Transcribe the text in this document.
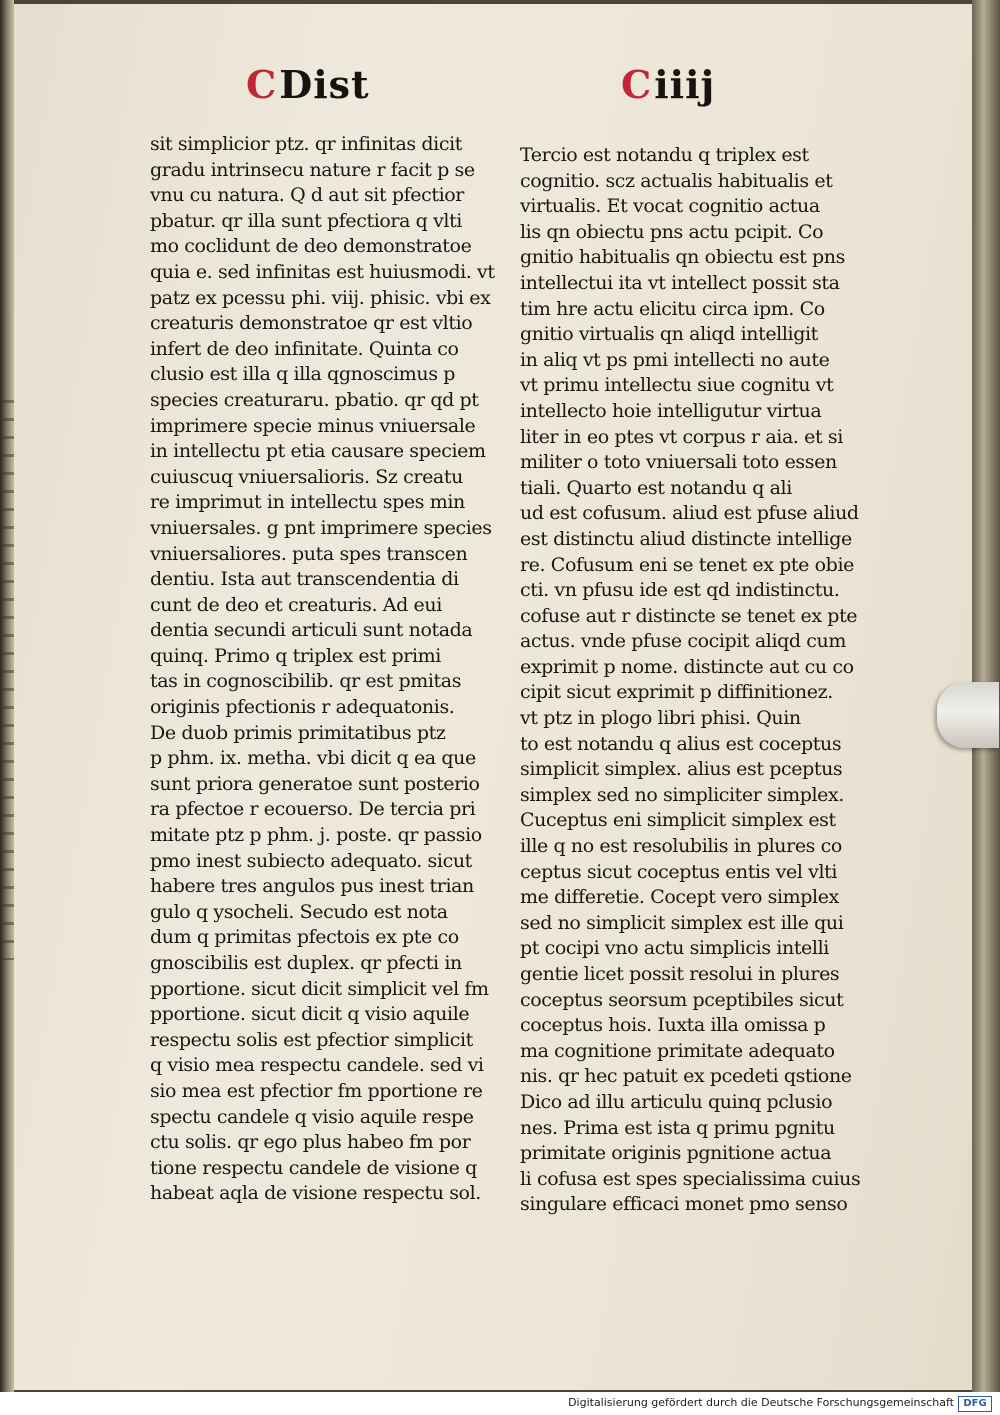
CDist	Ciiij
sit simplicior ptz. qr infinitas dicit
gradu intrinsecu nature r facit p se
vnu cu natura. Q d aut sit pfectior
pbatur. qr illa sunt pfectiora q vlti
mo coclidunt de deo demonstratoe
quia e. sed infinitas est huiusmodi. vt
patz ex pcessu phi. viij. phisic. vbi ex
creaturis demonstratoe qr est vltio
infert de deo infinitate. Quinta co
clusio est illa q illa qgnoscimus p
species creaturaru. pbatio. qr qd pt
imprimere specie minus vniuersale
in intellectu pt etia causare speciem
cuiuscuq vniuersalioris. Sz creatu
re imprimut in intellectu spes min
vniuersales. g pnt imprimere species
vniuersaliores. puta spes transcen
dentiu. Ista aut transcendentia di
cunt de deo et creaturis. Ad eui
dentia secundi articuli sunt notada
quinq. Primo q triplex est primi
tas in cognoscibilib. qr est pmitas
originis pfectionis r adequatonis.
De duob primis primitatibus ptz
p phm. ix. metha. vbi dicit q ea que
sunt priora generatoe sunt posterio
ra pfectoe r ecouerso. De tercia pri
mitate ptz p phm. j. poste. qr passio
pmo inest subiecto adequato. sicut
habere tres angulos pus inest trian
gulo q ysocheli. Secudo est nota
dum q primitas pfectois ex pte co
gnoscibilis est duplex. qr pfecti in
pportione. sicut dicit simplicit vel fm
pportione. sicut dicit q visio aquile
respectu solis est pfectior simplicit
q visio mea respectu candele. sed vi
sio mea est pfectior fm pportione re
spectu candele q visio aquile respe
ctu solis. qr ego plus habeo fm por
tione respectu candele de visione q
habeat aqla de visione respectu sol.
Tercio est notandu q triplex est
cognitio. scz actualis habitualis et
virtualis. Et vocat cognitio actua
lis qn obiectu pns actu pcipit. Co
gnitio habitualis qn obiectu est pns
intellectui ita vt intellect possit sta
tim hre actu elicitu circa ipm. Co
gnitio virtualis qn aliqd intelligit
in aliq vt ps pmi intellecti no aute
vt primu intellectu siue cognitu vt
intellecto hoie intelligutur virtua
liter in eo ptes vt corpus r aia. et si
militer o toto vniuersali toto essen
tiali. Quarto est notandu q ali
ud est cofusum. aliud est pfuse aliud
est distinctu aliud distincte intellige
re. Cofusum eni se tenet ex pte obie
cti. vn pfusu ide est qd indistinctu.
cofuse aut r distincte se tenet ex pte
actus. vnde pfuse cocipit aliqd cum
exprimit p nome. distincte aut cu co
cipit sicut exprimit p diffinitionez.
vt ptz in plogo libri phisi. Quin
to est notandu q alius est coceptus
simplicit simplex. alius est pceptus
simplex sed no simpliciter simplex.
Cuceptus eni simplicit simplex est
ille q no est resolubilis in plures co
ceptus sicut coceptus entis vel vlti
me differetie. Cocept vero simplex
sed no simplicit simplex est ille qui
pt cocipi vno actu simplicis intelli
gentie licet possit resolui in plures
coceptus seorsum pceptibiles sicut
coceptus hois. Iuxta illa omissa p
ma cognitione primitate adequato
nis. qr hec patuit ex pcedeti qstione
Dico ad illu articulu quinq pclusio
nes. Prima est ista q primu pgnitu
primitate originis pgnitione actua
li cofusa est spes specialissima cuius
singulare efficaci monet pmo senso
Digitalisierung gefördert durch die Deutsche Forschungsgemeinschaft DFG
